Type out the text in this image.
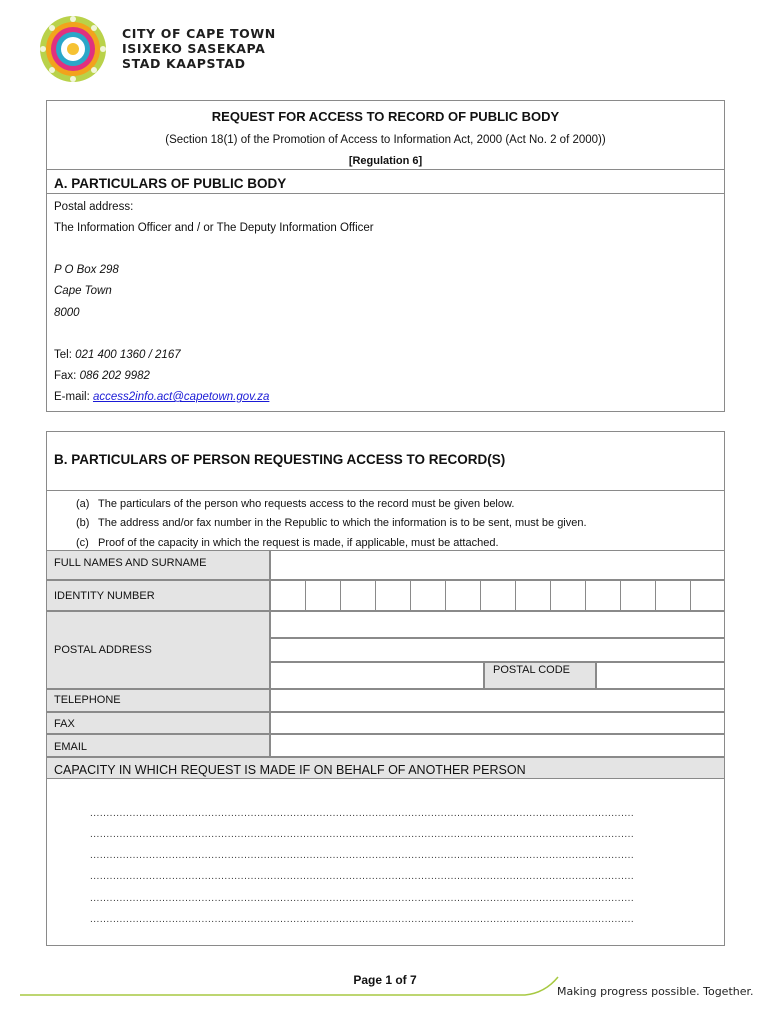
CITY OF CAPE TOWN
ISIXEKO SASEKAPA
STAD KAAPSTAD
REQUEST FOR ACCESS TO RECORD OF PUBLIC BODY
(Section 18(1) of the Promotion of Access to Information Act, 2000 (Act No. 2 of 2000))
[Regulation 6]
A. PARTICULARS OF PUBLIC BODY
Postal address:
The Information Officer and / or The Deputy Information Officer
P O Box 298
Cape Town
8000
Tel: 021 400 1360 / 2167
Fax: 086 202 9982
E-mail: access2info.act@capetown.gov.za
B. PARTICULARS OF PERSON REQUESTING ACCESS TO RECORD(S)
(a) The particulars of the person who requests access to the record must be given below.
(b) The address and/or fax number in the Republic to which the information is to be sent, must be given.
(c) Proof of the capacity in which the request is made, if applicable, must be attached.
FULL NAMES AND SURNAME
IDENTITY NUMBER
POSTAL ADDRESS
POSTAL CODE
TELEPHONE
FAX
EMAIL
CAPACITY IN WHICH REQUEST IS MADE IF ON BEHALF OF ANOTHER PERSON
......................................................................................................................................................................
......................................................................................................................................................................
......................................................................................................................................................................
......................................................................................................................................................................
......................................................................................................................................................................
......................................................................................................................................................................
Page 1 of 7
Making progress possible. Together.
